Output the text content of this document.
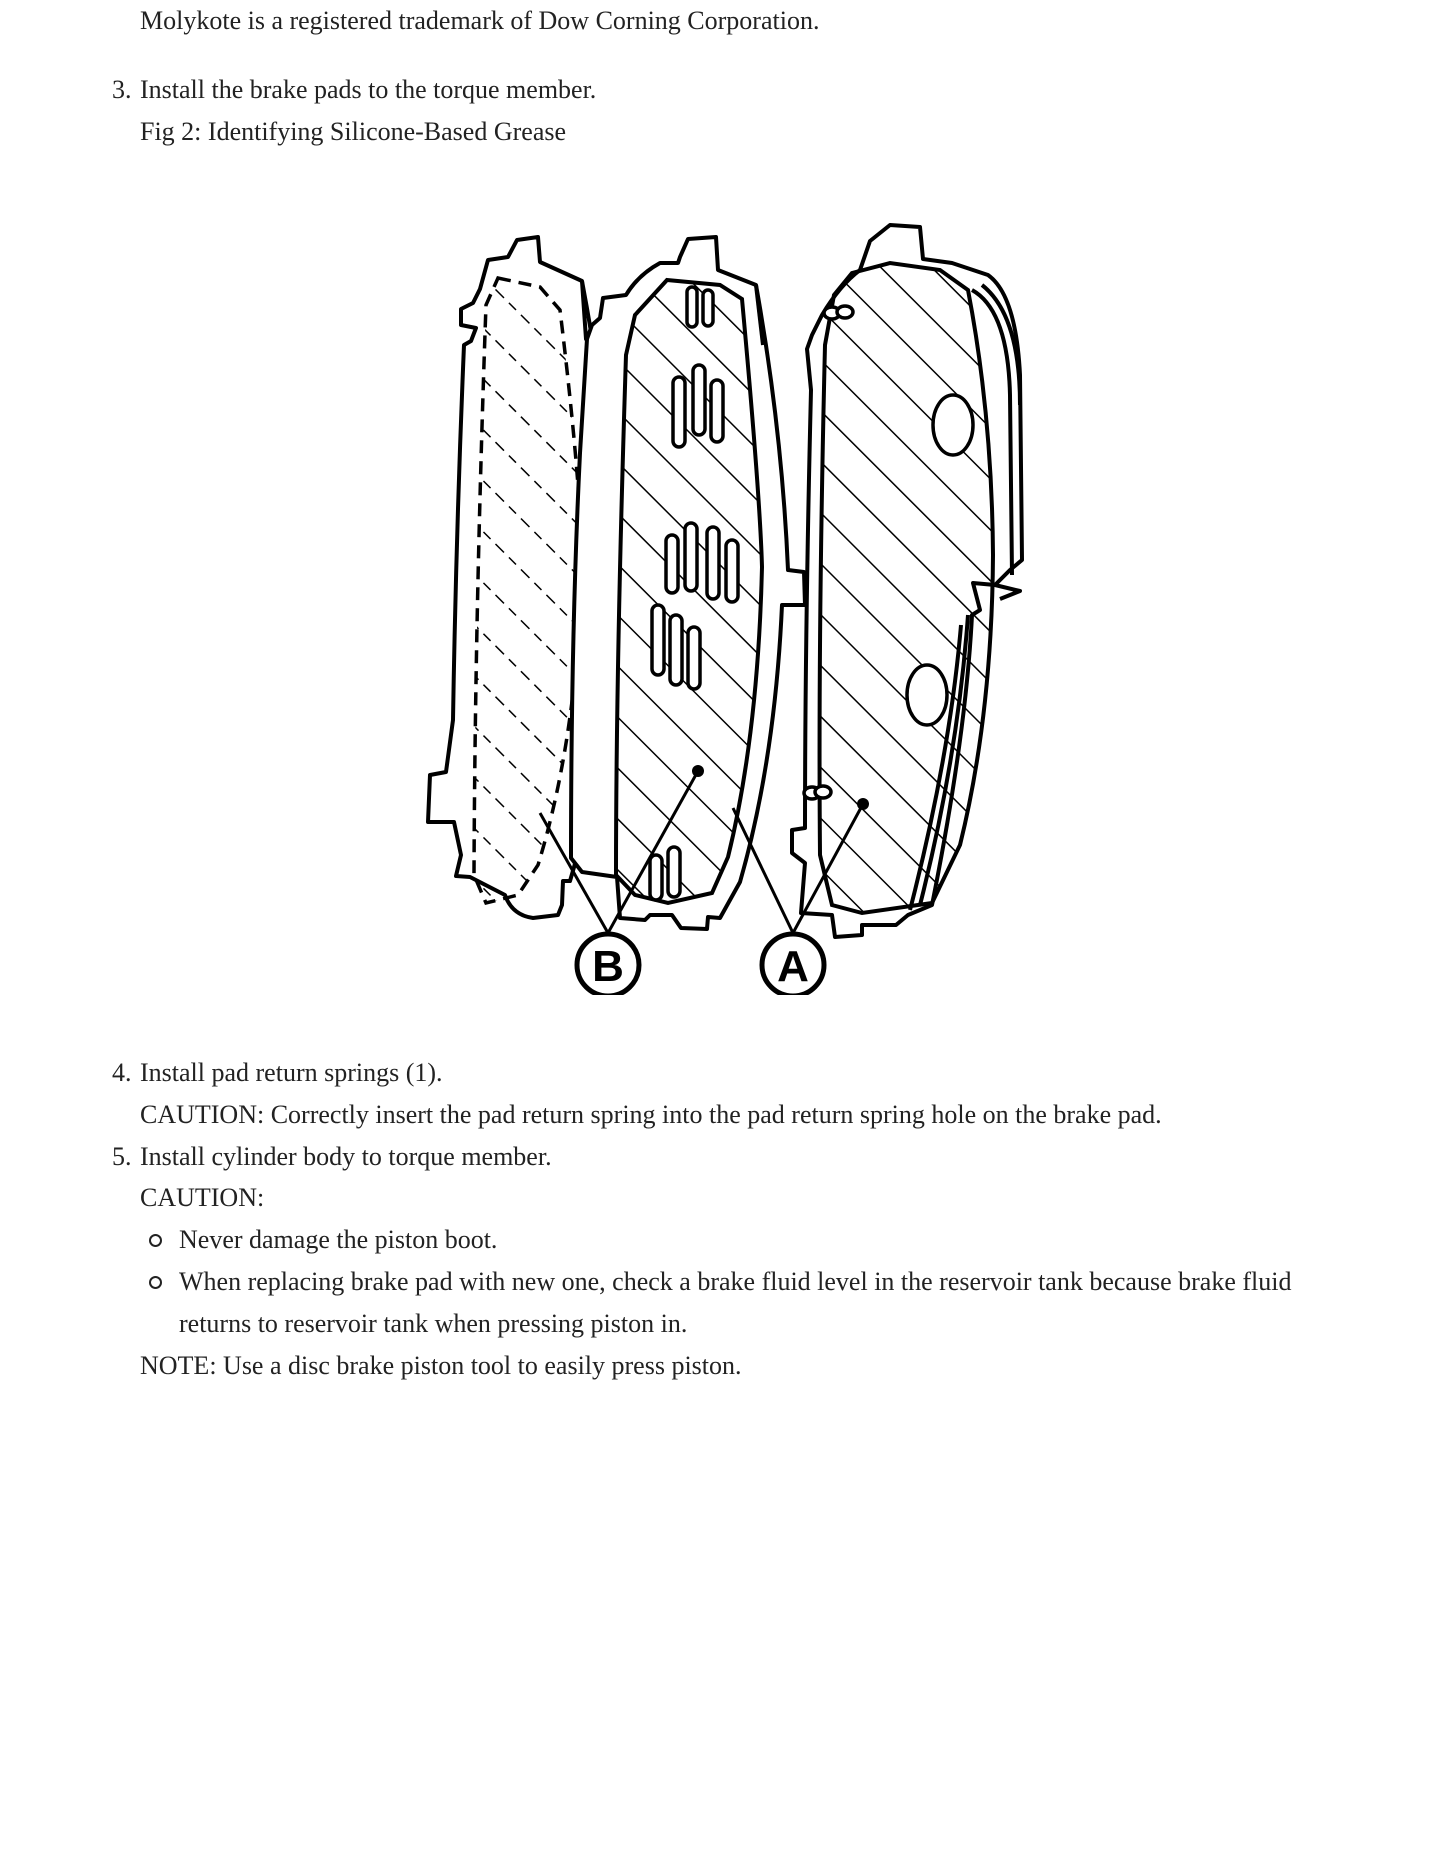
Molykote is a registered trademark of Dow Corning Corporation.
3. Install the brake pads to the torque member.
Fig 2: Identifying Silicone-Based Grease
B	A
4. Install pad return springs (1).
CAUTION: Correctly insert the pad return spring into the pad return spring hole on the brake pad.
5. Install cylinder body to torque member.
CAUTION:
Never damage the piston boot.
When replacing brake pad with new one, check a brake fluid level in the reservoir tank because brake fluid
returns to reservoir tank when pressing piston in.
NOTE: Use a disc brake piston tool to easily press piston.
